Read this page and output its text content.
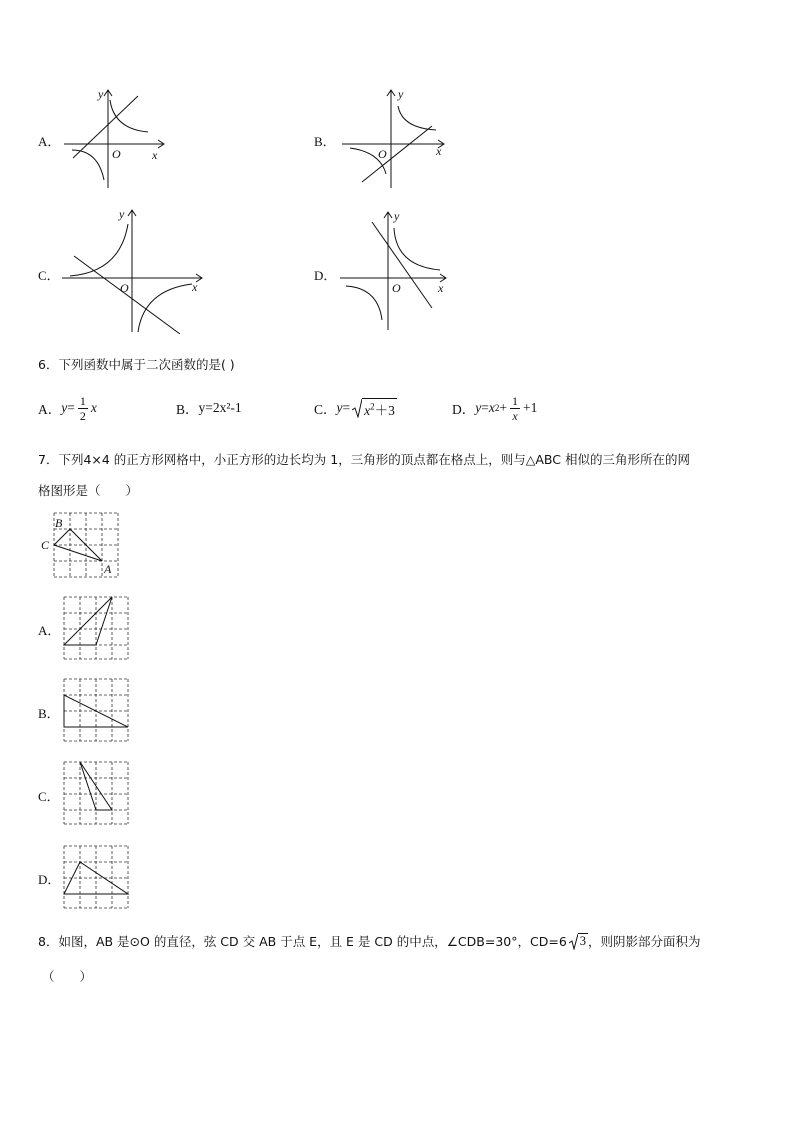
A．
y
x
O
B．
y
x
O
C．
y
x
O
D．
y
x
O
6．下列函数中属于二次函数的是( )
A． $y = \frac{1}{2}$ x	B． y=2x²-1	C． $y = x^2+3$	D． y = x $2 + \frac{1}{x} +1$
7．下列4×4 的正方形网格中，小正方形的边长均为 1，三角形的顶点都在格点上，则与△ABC 相似的三角形所在的网
格图形是（　　）
B
C
A
A．
B．
C．
D．
8．如图，AB 是⊙O 的直径，弦 CD 交 AB 于点 E，且 E 是 CD 的中点，∠CDB=30°，CD=6 3 ，则阴影部分面积为
（　　）
